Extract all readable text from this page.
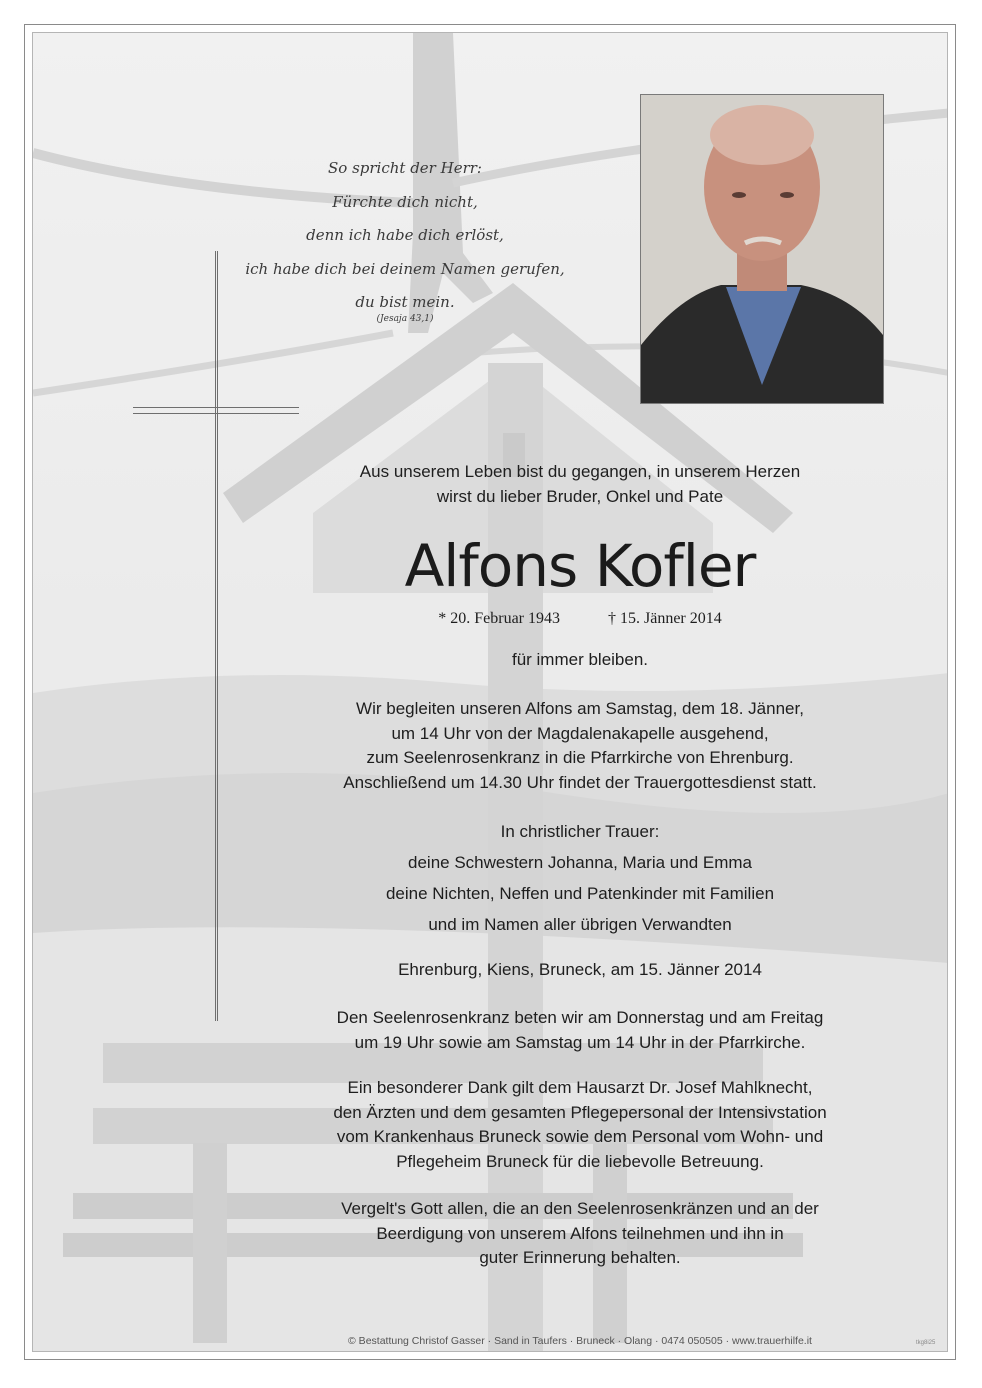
So spricht der Herr:
Fürchte dich nicht,
denn ich habe dich erlöst,
ich habe dich bei deinem Namen gerufen,
du bist mein.
(Jesaja 43,1)
Aus unserem Leben bist du gegangen, in unserem Herzen
wirst du lieber Bruder, Onkel und Pate
Alfons Kofler
* 20. Februar 1943	† 15. Jänner 2014
für immer bleiben.
Wir begleiten unseren Alfons am Samstag, dem 18. Jänner,
um 14 Uhr von der Magdalenakapelle ausgehend,
zum Seelenrosenkranz in die Pfarrkirche von Ehrenburg.
Anschließend um 14.30 Uhr findet der Trauergottesdienst statt.
In christlicher Trauer:
deine Schwestern Johanna, Maria und Emma
deine Nichten, Neffen und Patenkinder mit Familien
und im Namen aller übrigen Verwandten
Ehrenburg, Kiens, Bruneck, am 15. Jänner 2014
Den Seelenrosenkranz beten wir am Donnerstag und am Freitag
um 19 Uhr sowie am Samstag um 14 Uhr in der Pfarrkirche.
Ein besonderer Dank gilt dem Hausarzt Dr. Josef Mahlknecht,
den Ärzten und dem gesamten Pflegepersonal der Intensivstation
vom Krankenhaus Bruneck sowie dem Personal vom Wohn- und
Pflegeheim Bruneck für die liebevolle Betreuung.
Vergelt's Gott allen, die an den Seelenrosenkränzen und an der
Beerdigung von unserem Alfons teilnehmen und ihn in
guter Erinnerung behalten.
© Bestattung Christof Gasser · Sand in Taufers · Bruneck · Olang · 0474 050505 · www.trauerhilfe.it	tkg8i25
